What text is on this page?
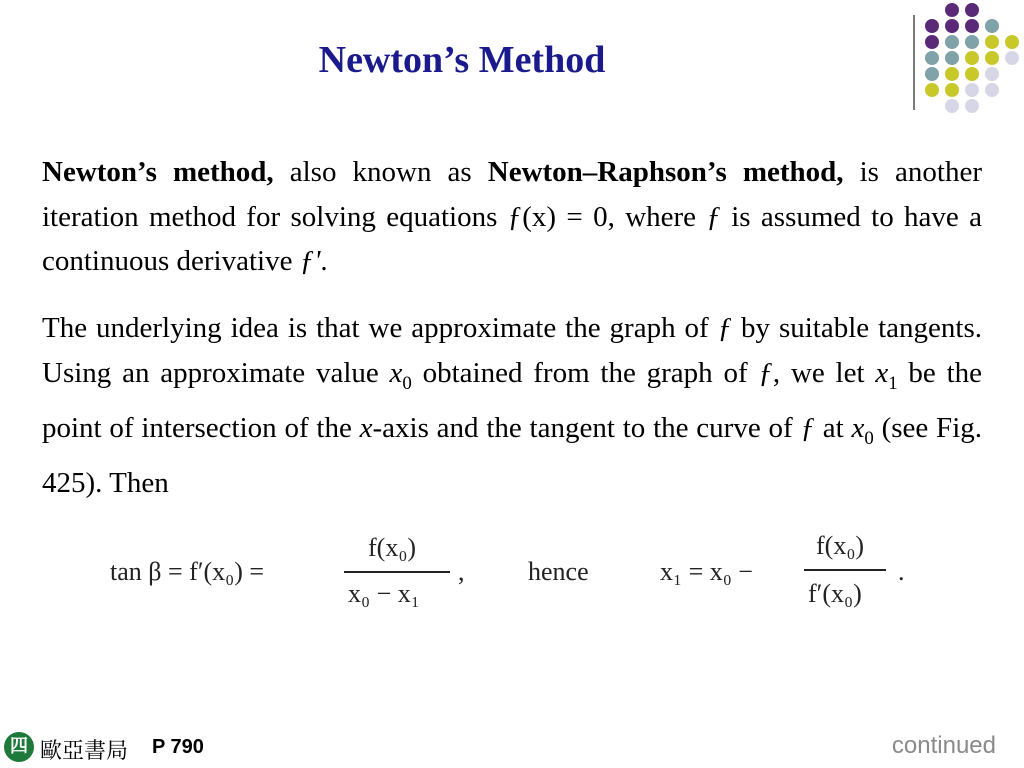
Newton’s Method
Newton’s method, also known as Newton–Raphson’s method, is another iteration method for solving equations ƒ(x) = 0, where ƒ is assumed to have a continuous derivative ƒ'.
The underlying idea is that we approximate the graph of ƒ by suitable tangents. Using an approximate value $x_0$ obtained from the graph of ƒ, we let $x_1$ be the point of intersection of the x-axis and the tangent to the curve of ƒ at $x_0$ (see Fig. 425). Then
tan β = f′(x₀) =
f(x₀)
x₀ − x₁
, hence	x₁ = x₀ −
f(x₀)
f′(x₀)
.
四 歐亞書局 P 790	continued
